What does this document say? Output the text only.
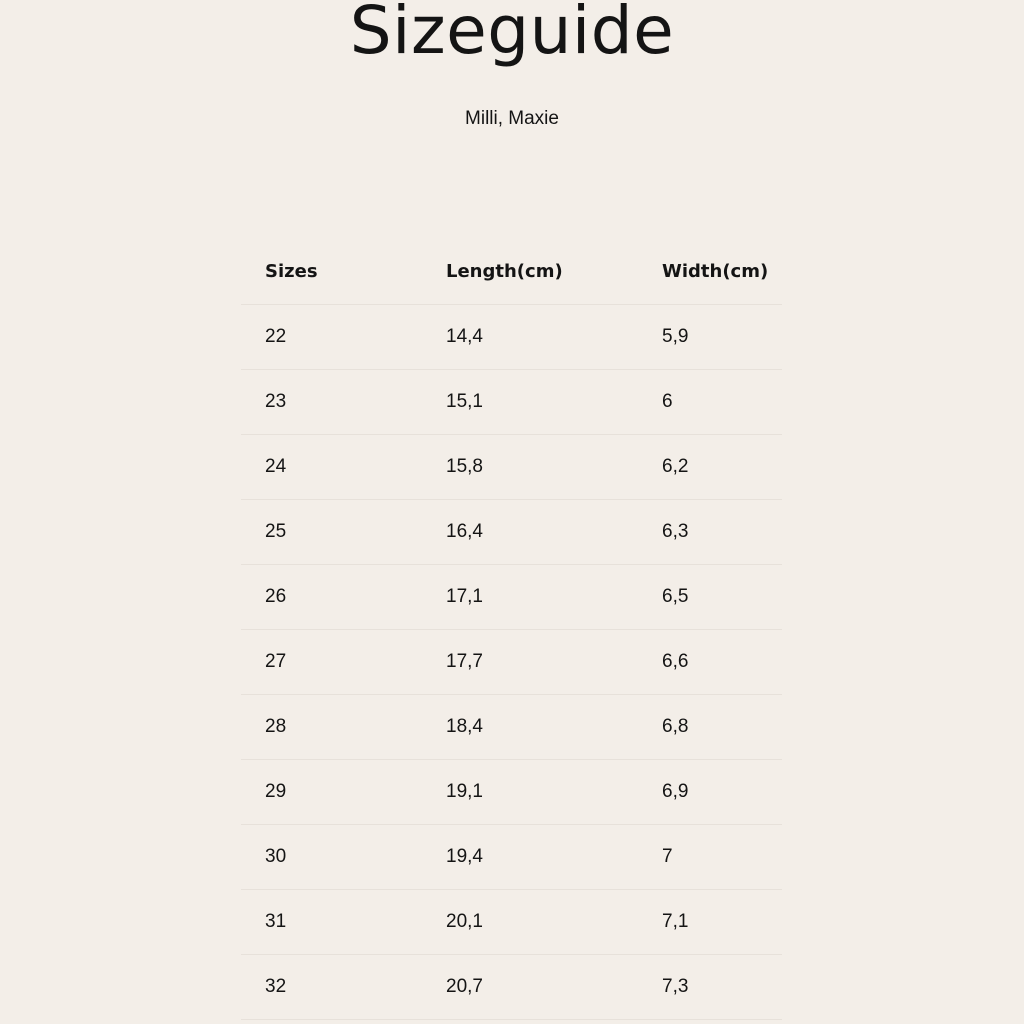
Sizeguide
Milli, Maxie
Sizes	Length(cm)	Width(cm)
22	14,4	5,9
23	15,1	6
24	15,8	6,2
25	16,4	6,3
26	17,1	6,5
27	17,7	6,6
28	18,4	6,8
29	19,1	6,9
30	19,4	7
31	20,1	7,1
32	20,7	7,3
